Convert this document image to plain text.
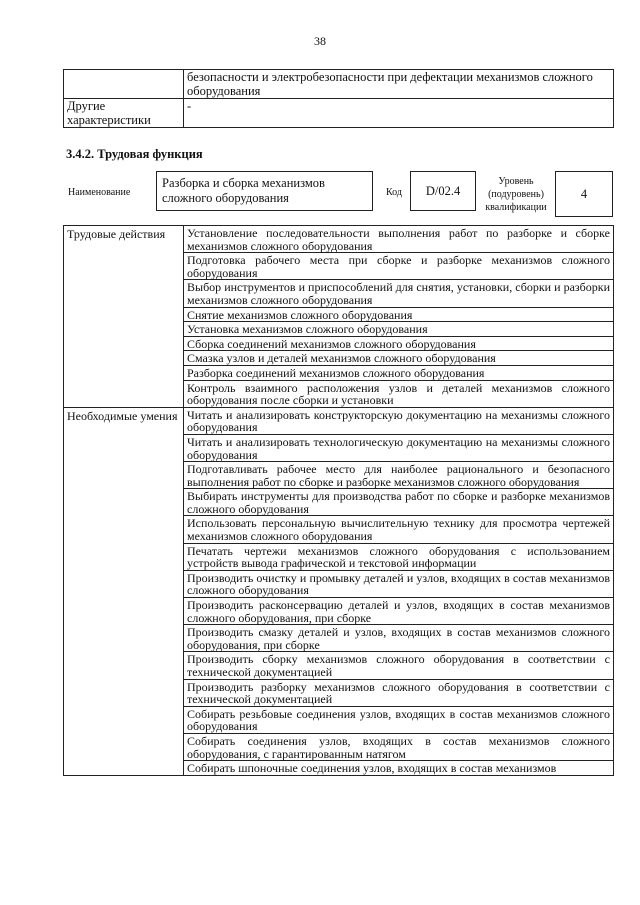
38
	безопасности и электробезопасности при дефектации механизмов сложного оборудования
Другие характеристики	-
3.4.2. Трудовая функция
Наименование
Разборка и сборка механизмов сложного оборудования	Код	D/02.4
Уровень (подуровень) квалификации
4
Трудовые действия	Установление последовательности выполнения работ по разборке и сборке механизмов сложного оборудования
	Подготовка рабочего места при сборке и разборке механизмов сложного оборудования
	Выбор инструментов и приспособлений для снятия, установки, сборки и разборки механизмов сложного оборудования
	Снятие механизмов сложного оборудования
	Установка механизмов сложного оборудования
	Сборка соединений механизмов сложного оборудования
	Смазка узлов и деталей механизмов сложного оборудования
	Разборка соединений механизмов сложного оборудования
	Контроль взаимного расположения узлов и деталей механизмов сложного оборудования после сборки и установки
Необходимые умения	Читать и анализировать конструкторскую документацию на механизмы сложного оборудования
	Читать и анализировать технологическую документацию на механизмы сложного оборудования
	Подготавливать рабочее место для наиболее рационального и безопасного выполнения работ по сборке и разборке механизмов сложного оборудования
	Выбирать инструменты для производства работ по сборке и разборке механизмов сложного оборудования
	Использовать персональную вычислительную технику для просмотра чертежей механизмов сложного оборудования
	Печатать чертежи механизмов сложного оборудования с использованием устройств вывода графической и текстовой информации
	Производить очистку и промывку деталей и узлов, входящих в состав механизмов сложного оборудования
	Производить расконсервацию деталей и узлов, входящих в состав механизмов сложного оборудования, при сборке
	Производить смазку деталей и узлов, входящих в состав механизмов сложного оборудования, при сборке
	Производить сборку механизмов сложного оборудования в соответствии с технической документацией
	Производить разборку механизмов сложного оборудования в соответствии с технической документацией
	Собирать резьбовые соединения узлов, входящих в состав механизмов сложного оборудования
	Собирать соединения узлов, входящих в состав механизмов сложного оборудования, с гарантированным натягом
	Собирать шпоночные соединения узлов, входящих в состав механизмов
